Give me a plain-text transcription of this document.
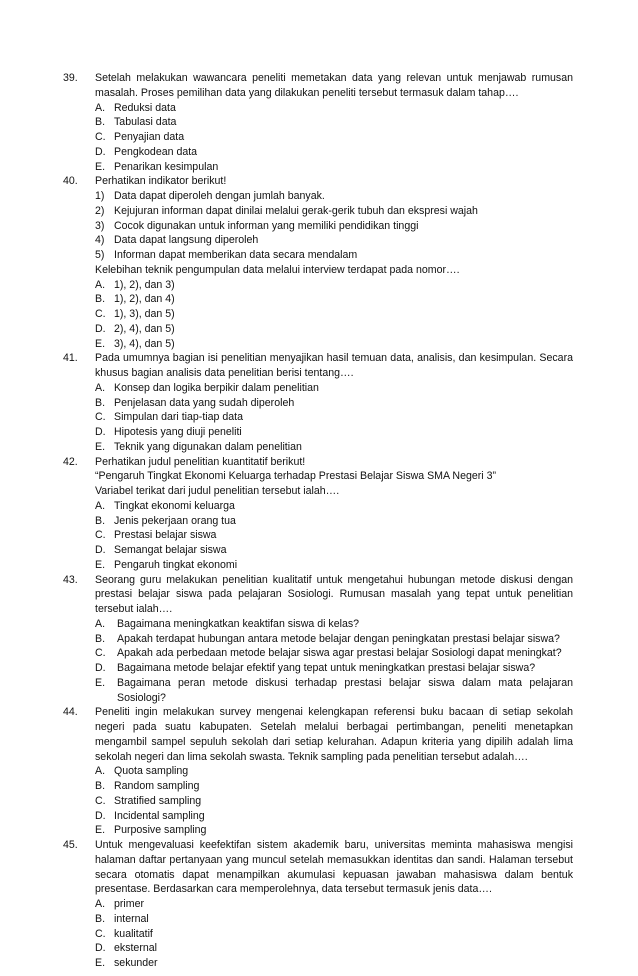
39.	Setelah melakukan wawancara peneliti memetakan data yang relevan untuk menjawab rumusan masalah. Proses pemilihan data yang dilakukan peneliti tersebut termasuk dalam tahap….
A. Reduksi data
B. Tabulasi data
C. Penyajian data
D. Pengkodean data
E. Penarikan kesimpulan
40.	Perhatikan indikator berikut!
1) Data dapat diperoleh dengan jumlah banyak.
2) Kejujuran informan dapat dinilai melalui gerak-gerik tubuh dan ekspresi wajah
3) Cocok digunakan untuk informan yang memiliki pendidikan tinggi
4) Data dapat langsung diperoleh
5) Informan dapat memberikan data secara mendalam
Kelebihan teknik pengumpulan data melalui interview terdapat pada nomor….
A. 1), 2), dan 3)
B. 1), 2), dan 4)
C. 1), 3), dan 5)
D. 2), 4), dan 5)
E. 3), 4), dan 5)
41.	Pada umumnya bagian isi penelitian menyajikan hasil temuan data, analisis, dan kesimpulan. Secara khusus bagian analisis data penelitian berisi tentang….
A. Konsep dan logika berpikir dalam penelitian
B. Penjelasan data yang sudah diperoleh
C. Simpulan dari tiap-tiap data
D. Hipotesis yang diuji peneliti
E. Teknik yang digunakan dalam penelitian
42.	Perhatikan judul penelitian kuantitatif berikut!
“Pengaruh Tingkat Ekonomi Keluarga terhadap Prestasi Belajar Siswa SMA Negeri 3”
Variabel terikat dari judul penelitian tersebut ialah….
A. Tingkat ekonomi keluarga
B. Jenis pekerjaan orang tua
C. Prestasi belajar siswa
D. Semangat belajar siswa
E. Pengaruh tingkat ekonomi
43.	Seorang guru melakukan penelitian kualitatif untuk mengetahui hubungan metode diskusi dengan prestasi belajar siswa pada pelajaran Sosiologi. Rumusan masalah yang tepat untuk penelitian tersebut ialah….
A.	Bagaimana meningkatkan keaktifan siswa di kelas?
B.	Apakah terdapat hubungan antara metode belajar dengan peningkatan prestasi belajar siswa?
C.	Apakah ada perbedaan metode belajar siswa agar prestasi belajar Sosiologi dapat meningkat?
D.	Bagaimana metode belajar efektif yang tepat untuk meningkatkan prestasi belajar siswa?
E.	Bagaimana peran metode diskusi terhadap prestasi belajar siswa dalam mata pelajaran Sosiologi?
44.	Peneliti ingin melakukan survey mengenai kelengkapan referensi buku bacaan di setiap sekolah negeri pada suatu kabupaten. Setelah melalui berbagai pertimbangan, peneliti menetapkan mengambil sampel sepuluh sekolah dari setiap kelurahan. Adapun kriteria yang dipilih adalah lima sekolah negeri dan lima sekolah swasta. Teknik sampling pada penelitian tersebut adalah….
A. Quota sampling
B. Random sampling
C. Stratified sampling
D. Incidental sampling
E. Purposive sampling
45.	Untuk mengevaluasi keefektifan sistem akademik baru, universitas meminta mahasiswa mengisi halaman daftar pertanyaan yang muncul setelah memasukkan identitas dan sandi. Halaman tersebut secara otomatis dapat menampilkan akumulasi kepuasan jawaban mahasiswa dalam bentuk presentase. Berdasarkan cara memperolehnya, data tersebut termasuk jenis data….
A. primer
B. internal
C. kualitatif
D. eksternal
E. sekunder
